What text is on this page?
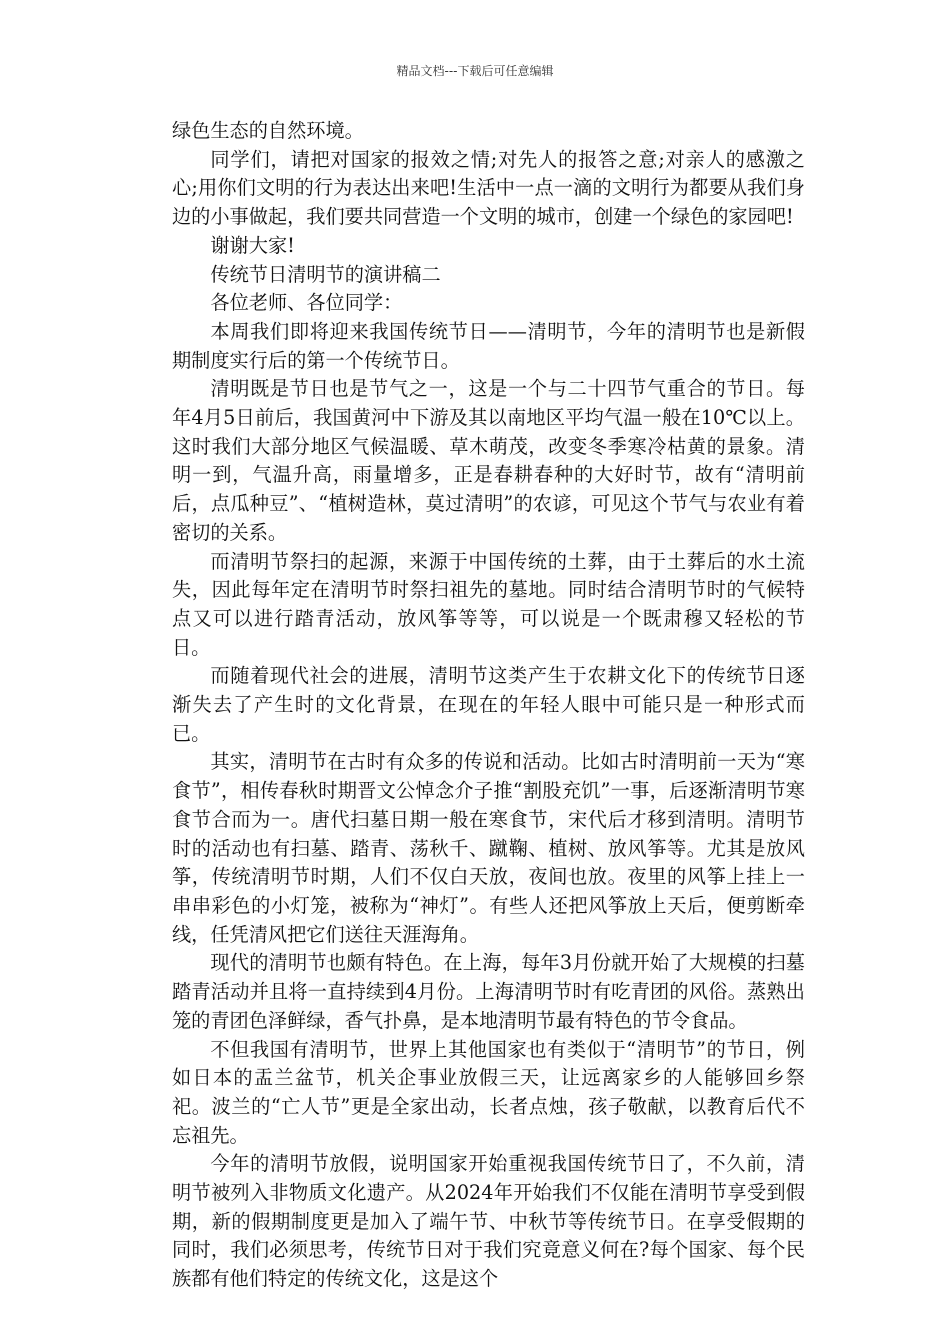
精品文档---下载后可任意编辑

绿色生态的自然环境。

同学们，请把对国家的报效之情;对先人的报答之意;对亲人的感激之心;用你们文明的行为表达出来吧!生活中一点一滴的文明行为都要从我们身边的小事做起，我们要共同营造一个文明的城市，创建一个绿色的家园吧!

谢谢大家!

传统节日清明节的演讲稿二

各位老师、各位同学：

本周我们即将迎来我国传统节日——清明节，今年的清明节也是新假期制度实行后的第一个传统节日。

清明既是节日也是节气之一，这是一个与二十四节气重合的节日。每年4月5日前后，我国黄河中下游及其以南地区平均气温一般在10℃以上。这时我们大部分地区气候温暖、草木萌茂，改变冬季寒冷枯黄的景象。清明一到，气温升高，雨量增多，正是春耕春种的大好时节，故有“清明前后，点瓜种豆”、“植树造林，莫过清明”的农谚，可见这个节气与农业有着密切的关系。

而清明节祭扫的起源，来源于中国传统的土葬，由于土葬后的水土流失，因此每年定在清明节时祭扫祖先的墓地。同时结合清明节时的气候特点又可以进行踏青活动，放风筝等等，可以说是一个既肃穆又轻松的节日。

而随着现代社会的进展，清明节这类产生于农耕文化下的传统节日逐渐失去了产生时的文化背景，在现在的年轻人眼中可能只是一种形式而已。

其实，清明节在古时有众多的传说和活动。比如古时清明前一天为“寒食节”，相传春秋时期晋文公悼念介子推“割股充饥”一事，后逐渐清明节寒食节合而为一。唐代扫墓日期一般在寒食节，宋代后才移到清明。清明节时的活动也有扫墓、踏青、荡秋千、蹴鞠、植树、放风筝等。尤其是放风筝，传统清明节时期，人们不仅白天放，夜间也放。夜里的风筝上挂上一串串彩色的小灯笼，被称为“神灯”。有些人还把风筝放上天后，便剪断牵线，任凭清风把它们送往天涯海角。

现代的清明节也颇有特色。在上海，每年3月份就开始了大规模的扫墓踏青活动并且将一直持续到4月份。上海清明节时有吃青团的风俗。蒸熟出笼的青团色泽鲜绿，香气扑鼻，是本地清明节最有特色的节令食品。

不但我国有清明节，世界上其他国家也有类似于“清明节”的节日，例如日本的盂兰盆节，机关企事业放假三天，让远离家乡的人能够回乡祭祀。波兰的“亡人节”更是全家出动，长者点烛，孩子敬献，以教育后代不忘祖先。

今年的清明节放假，说明国家开始重视我国传统节日了，不久前，清明节被列入非物质文化遗产。从2024年开始我们不仅能在清明节享受到假期，新的假期制度更是加入了端午节、中秋节等传统节日。在享受假期的同时，我们必须思考，传统节日对于我们究竟意义何在?每个国家、每个民族都有他们特定的传统文化，这是这个
